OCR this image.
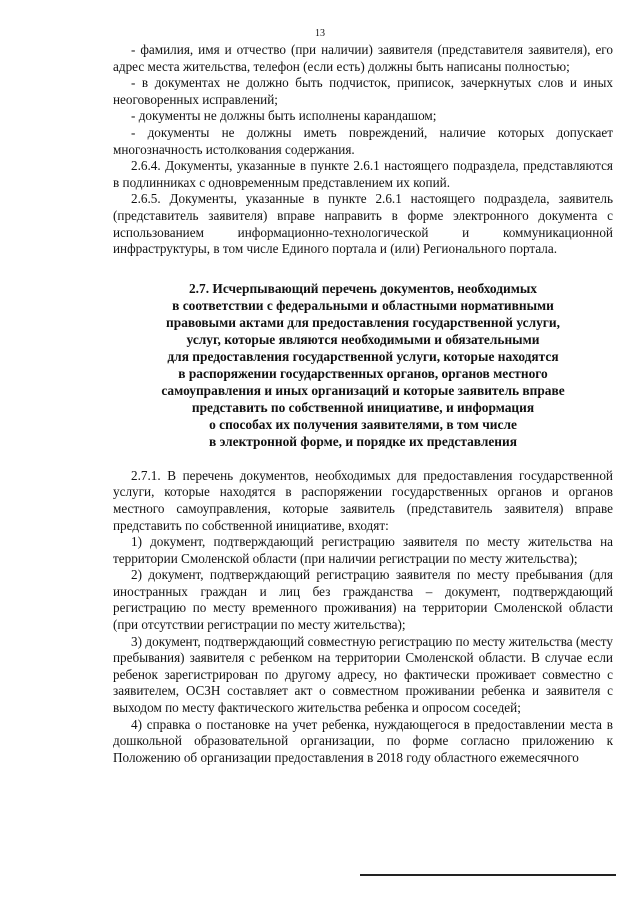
13

- фамилия, имя и отчество (при наличии) заявителя (представителя заявителя), его адрес места жительства, телефон (если есть) должны быть написаны полностью;

- в документах не должно быть подчисток, приписок, зачеркнутых слов и иных неоговоренных исправлений;

- документы не должны быть исполнены карандашом;

- документы не должны иметь повреждений, наличие которых допускает многозначность истолкования содержания.

2.6.4. Документы, указанные в пункте 2.6.1 настоящего подраздела, представляются в подлинниках с одновременным представлением их копий.

2.6.5. Документы, указанные в пункте 2.6.1 настоящего подраздела, заявитель (представитель заявителя) вправе направить в форме электронного документа с использованием информационно-технологической и коммуникационной инфраструктуры, в том числе Единого портала и (или) Регионального портала.

2.7. Исчерпывающий перечень документов, необходимых
в соответствии с федеральными и областными нормативными
правовыми актами для предоставления государственной услуги,
услуг, которые являются необходимыми и обязательными
для предоставления государственной услуги, которые находятся
в распоряжении государственных органов, органов местного
самоуправления и иных организаций и которые заявитель вправе
представить по собственной инициативе, и информация
о способах их получения заявителями, в том числе
в электронной форме, и порядке их представления

2.7.1. В перечень документов, необходимых для предоставления государственной услуги, которые находятся в распоряжении государственных органов и органов местного самоуправления, которые заявитель (представитель заявителя) вправе представить по собственной инициативе, входят:

1) документ, подтверждающий регистрацию заявителя по месту жительства на территории Смоленской области (при наличии регистрации по месту жительства);

2) документ, подтверждающий регистрацию заявителя по месту пребывания (для иностранных граждан и лиц без гражданства – документ, подтверждающий регистрацию по месту временного проживания) на территории Смоленской области (при отсутствии регистрации по месту жительства);

3) документ, подтверждающий совместную регистрацию по месту жительства (месту пребывания) заявителя с ребенком на территории Смоленской области. В случае если ребенок зарегистрирован по другому адресу, но фактически проживает совместно с заявителем, ОСЗН составляет акт о совместном проживании ребенка и заявителя с выходом по месту фактического жительства ребенка и опросом соседей;

4) справка о постановке на учет ребенка, нуждающегося в предоставлении места в дошкольной образовательной организации, по форме согласно приложению к Положению об организации предоставления в 2018 году областного ежемесячного
